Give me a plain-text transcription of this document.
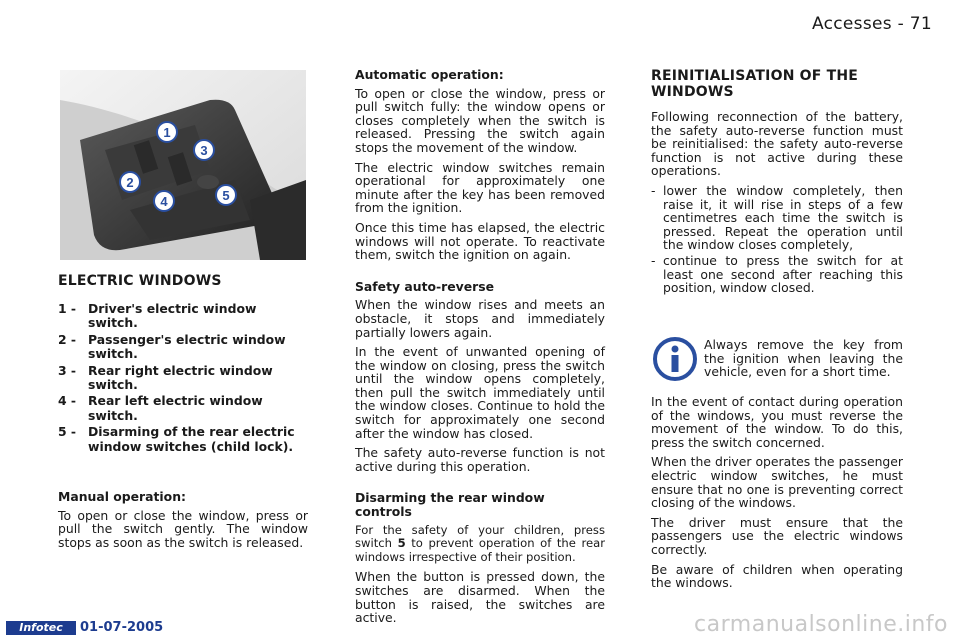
Accesses - 71
1
2
3
4	5
ELECTRIC WINDOWS
1 - Driver's electric window switch.
2 - Passenger's electric window switch.
3 - Rear right electric window switch.
4 - Rear left electric window switch.
5 - Disarming of the rear electric window switches (child lock).
Manual operation:

To open or close the window, press or pull the switch gently. The window stops as soon as the switch is released.

Automatic operation:

To open or close the window, press or pull switch fully: the window opens or closes completely when the switch is released. Pressing the switch again stops the movement of the window.

The electric window switches remain operational for approximately one minute after the key has been removed from the ignition.

Once this time has elapsed, the electric windows will not operate. To reactivate them, switch the ignition on again.

Safety auto-reverse

When the window rises and meets an obstacle, it stops and immediately partially lowers again.

In the event of unwanted opening of the window on closing, press the switch until the window opens completely, then pull the switch immediately until the window closes. Continue to hold the switch for approximately one second after the window has closed.

The safety auto-reverse function is not active during this operation.

Disarming the rear window controls

For the safety of your children, press switch 5 to prevent operation of the rear windows irrespective of their position.

When the button is pressed down, the switches are disarmed. When the button is raised, the switches are active.

REINITIALISATION OF THE WINDOWS

Following reconnection of the battery, the safety auto-reverse function must be reinitialised: the safety auto-reverse function is not active during these operations.

- lower the window completely, then raise it, it will rise in steps of a few centimetres each time the switch is pressed. Repeat the operation until the window closes completely,
- continue to press the switch for at least one second after reaching this position, window closed.

Always remove the key from the ignition when leaving the vehicle, even for a short time.

In the event of contact during operation of the windows, you must reverse the movement of the window. To do this, press the switch concerned.

When the driver operates the passenger electric window switches, he must ensure that no one is preventing correct closing of the windows.

The driver must ensure that the passengers use the electric windows correctly.

Be aware of children when operating the windows.

Infotec	01-07-2005	carmanualsonline.info
